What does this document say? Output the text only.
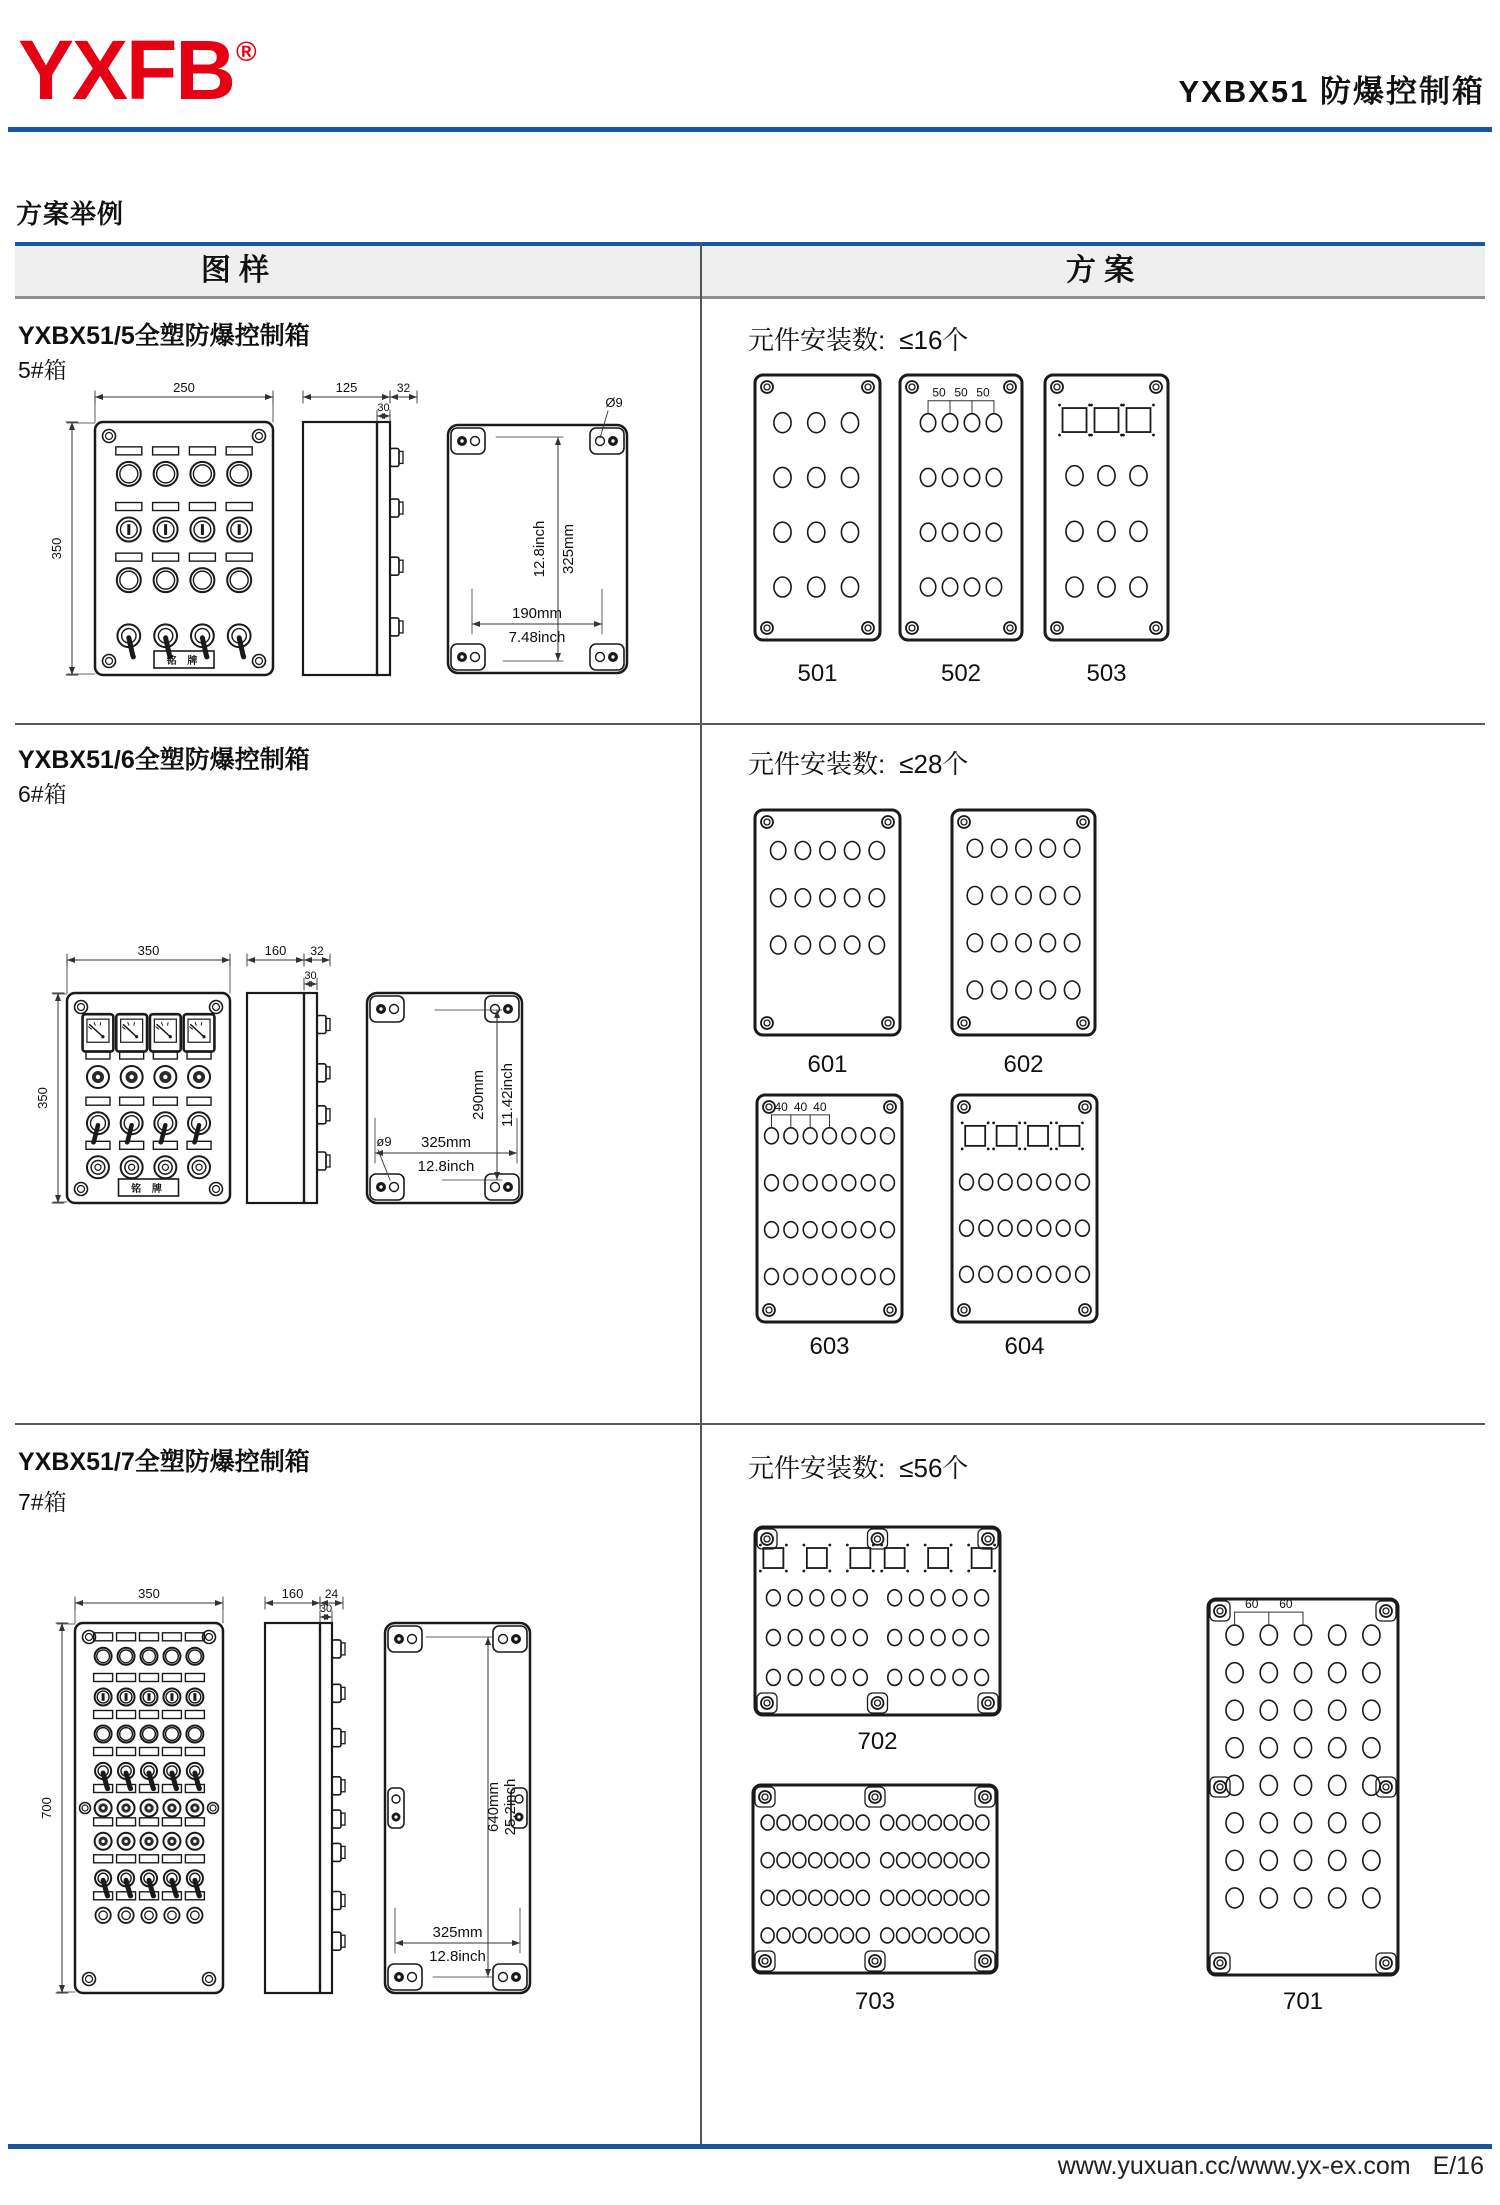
YXFB®
YXBX51 防爆控制箱
方案举例
图 样	方 案
YXBX51/5全塑防爆控制箱
5#箱
元件安装数: ≤16个
铭 牌
250
350
125	32
30
325mm
12.8inch
190mm
7.48inch
Ø9
501
50 50 50
502	503
YXBX51/6全塑防爆控制箱
6#箱
元件安装数: ≤28个
铭 牌
350
350
160 32
30
290mm 11.42inch
325mm
12.8inch
ø9
601	602
40 40 40
603	604
YXBX51/7全塑防爆控制箱
7#箱
元件安装数: ≤56个
350
700
160 24
30
640mm 25.2inch
325mm
12.8inch
702
703
60 60
701
www.yuxuan.cc/www.yx-ex.com E/16
